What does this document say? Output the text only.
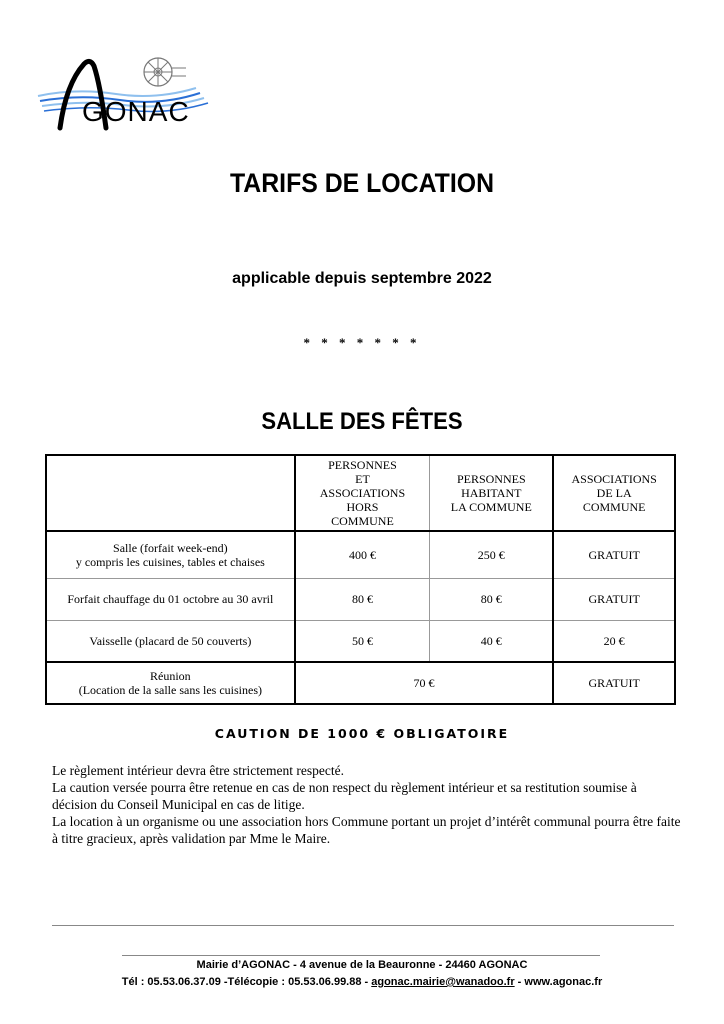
GONAC
TARIFS DE LOCATION
applicable depuis septembre 2022
* * * * * * *
SALLE DES FÊTES
	PERSONNES
ET
ASSOCIATIONS
HORS
COMMUNE	PERSONNES
HABITANT
LA COMMUNE	ASSOCIATIONS
DE LA
COMMUNE
Salle (forfait week-end)
y compris les cuisines, tables et chaises	400 €	250 €	GRATUIT
Forfait chauffage du 01 octobre au 30 avril	80 €	80 €	GRATUIT
Vaisselle (placard de 50 couverts)	50 €	40 €	20 €
Réunion
(Location de la salle sans les cuisines)	70 €		GRATUIT
CAUTION DE 1000 € OBLIGATOIRE

Le règlement intérieur devra être strictement respecté.

La caution versée pourra être retenue en cas de non respect du règlement intérieur et sa restitution soumise à décision du Conseil Municipal en cas de litige.

La location à un organisme ou une association hors Commune portant un projet d’intérêt communal pourra être faite à titre gracieux, après validation par Mme le Maire.

Mairie d’AGONAC - 4 avenue de la Beauronne - 24460 AGONAC
Tél : 05.53.06.37.09 -Télécopie : 05.53.06.99.88 - agonac.mairie@wanadoo.fr - www.agonac.fr
